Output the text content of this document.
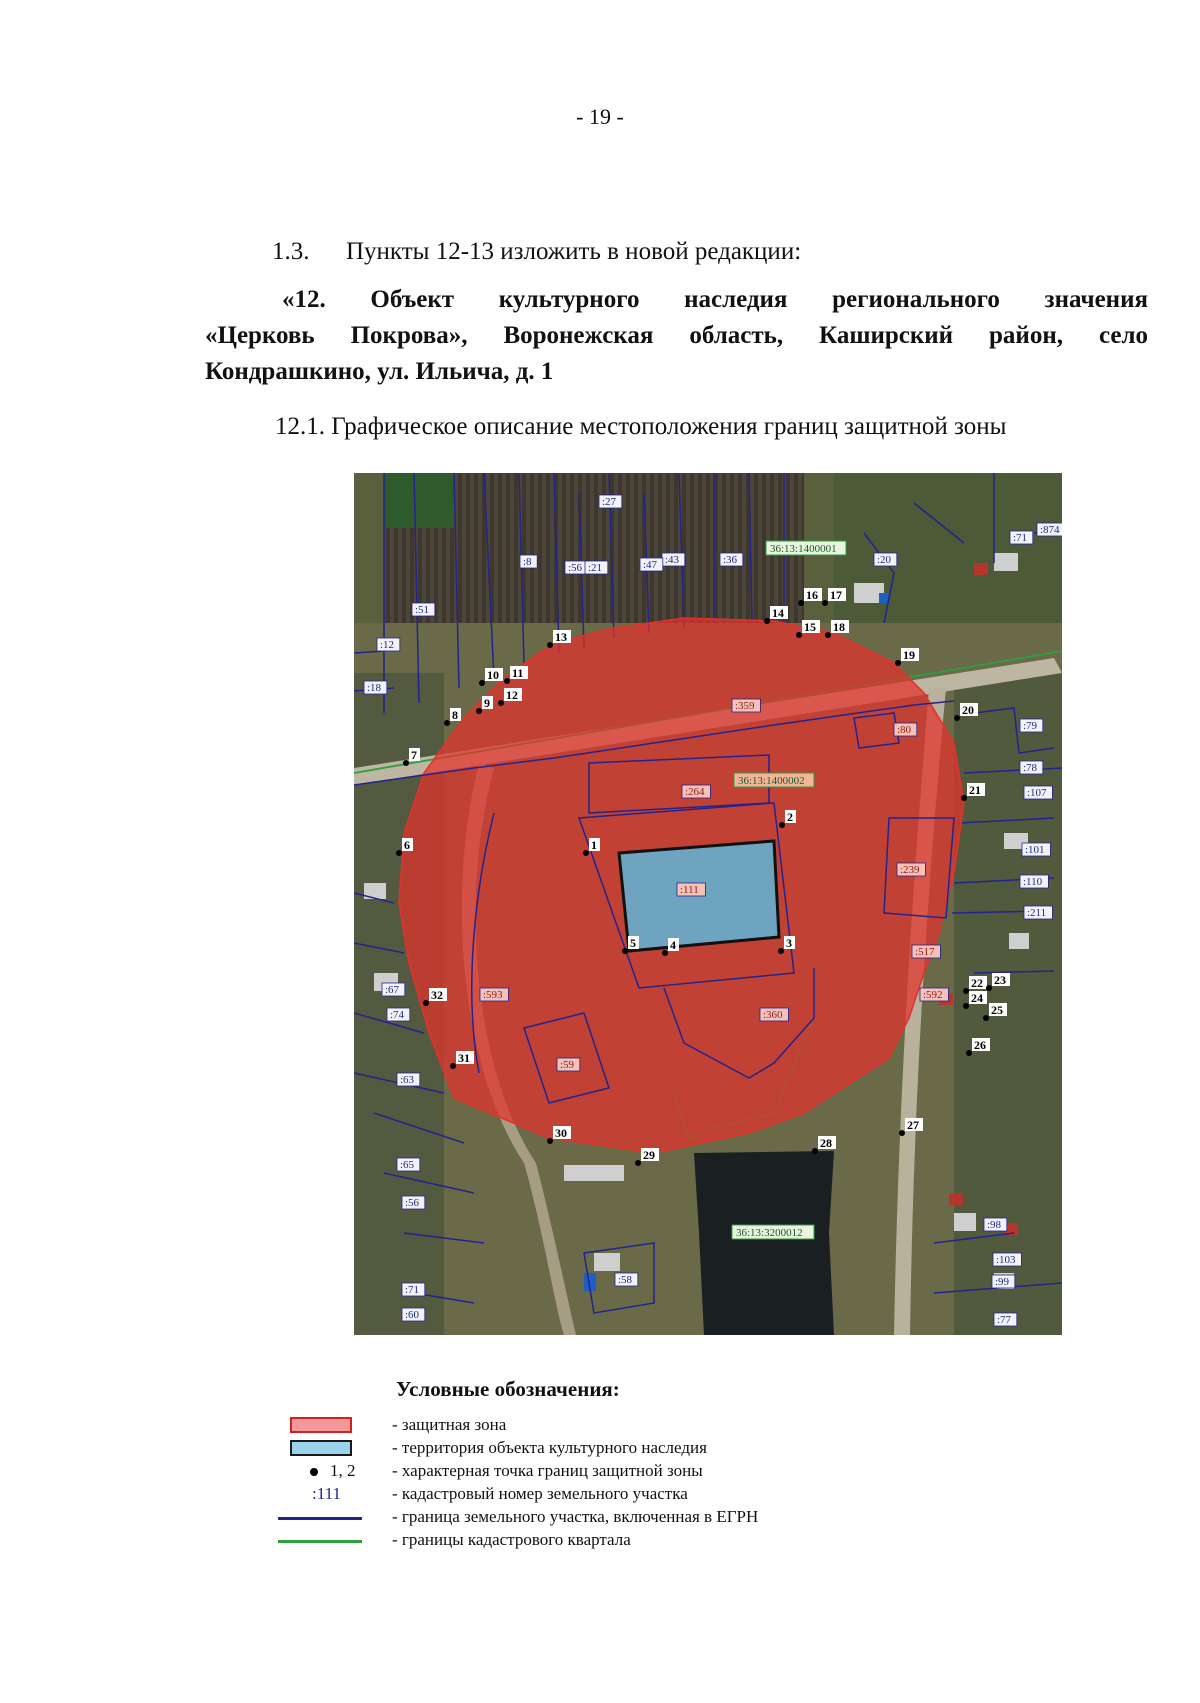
- 19 -
1.3. Пункты 12-13 изложить в новой редакции:
«12. Объект культурного наследия регионального значения
«Церковь Покрова», Воронежская область, Каширский район, село
Кондрашкино, ул. Ильича, д. 1
12.1. Графическое описание местоположения границ защитной зоны
36:13:1400001
36:13:1400002
36:13:3200012
:27
:43	:36
:8	:56 :21	:47	:20
:71
:874
:51
:12
:18
:79
:78
:107
:101
:110
:211
:67
:74
:63
:65
:56
:71
:60
:58
:103
:98
:99
:77
:359
:80
:264
:111
:239
:517
:592
:593
:360
:59
1
2
3
4
5
6
7
8
9
10 11
12
13
14
15
16 17
18
19
20
21
22 23
24
25
26
27
28
29
30
31
32
Условные обозначения:
- защитная зона
- территория объекта культурного наследия
1, 2 - характерная точка границ защитной зоны
:111	- кадастровый номер земельного участка
- граница земельного участка, включенная в ЕГРН
- границы кадастрового квартала
